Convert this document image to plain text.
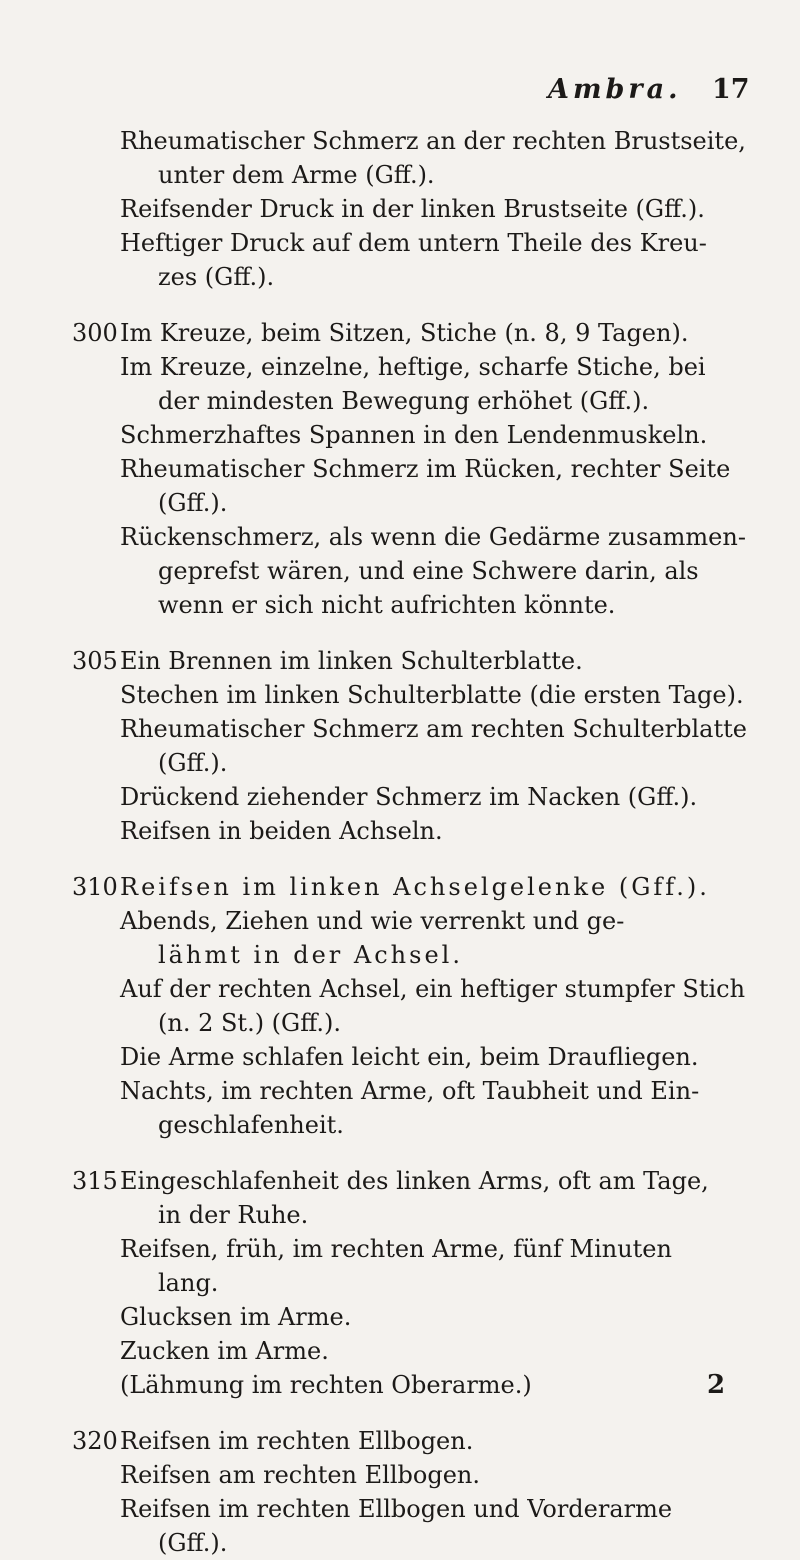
Ambra. 17
Rheumatischer Schmerz an der rechten Brustseite,
unter dem Arme (Gff.).
Reifsender Druck in der linken Brustseite (Gff.).
Heftiger Druck auf dem untern Theile des Kreu-
zes (Gff.).
300 Im Kreuze, beim Sitzen, Stiche (n. 8, 9 Tagen).
Im Kreuze, einzelne, heftige, scharfe Stiche, bei
der mindesten Bewegung erhöhet (Gff.).
Schmerzhaftes Spannen in den Lendenmuskeln.
Rheumatischer Schmerz im Rücken, rechter Seite
(Gff.).
Rückenschmerz, als wenn die Gedärme zusammen-
geprefst wären, und eine Schwere darin, als
wenn er sich nicht aufrichten könnte.
305 Ein Brennen im linken Schulterblatte.
Stechen im linken Schulterblatte (die ersten Tage).
Rheumatischer Schmerz am rechten Schulterblatte
(Gff.).
Drückend ziehender Schmerz im Nacken (Gff.).
Reifsen in beiden Achseln.
310 Reifsen im linken Achselgelenke (Gff.).
Abends, Ziehen und wie verrenkt und ge-
lähmt in der Achsel.
Auf der rechten Achsel, ein heftiger stumpfer Stich
(n. 2 St.) (Gff.).
Die Arme schlafen leicht ein, beim Draufliegen.
Nachts, im rechten Arme, oft Taubheit und Ein-
geschlafenheit.
315 Eingeschlafenheit des linken Arms, oft am Tage,
in der Ruhe.
Reifsen, früh, im rechten Arme, fünf Minuten
lang.
Glucksen im Arme.
Zucken im Arme.
(Lähmung im rechten Oberarme.)
320 Reifsen im rechten Ellbogen.
Reifsen am rechten Ellbogen.
Reifsen im rechten Ellbogen und Vorderarme
(Gff.).
2
